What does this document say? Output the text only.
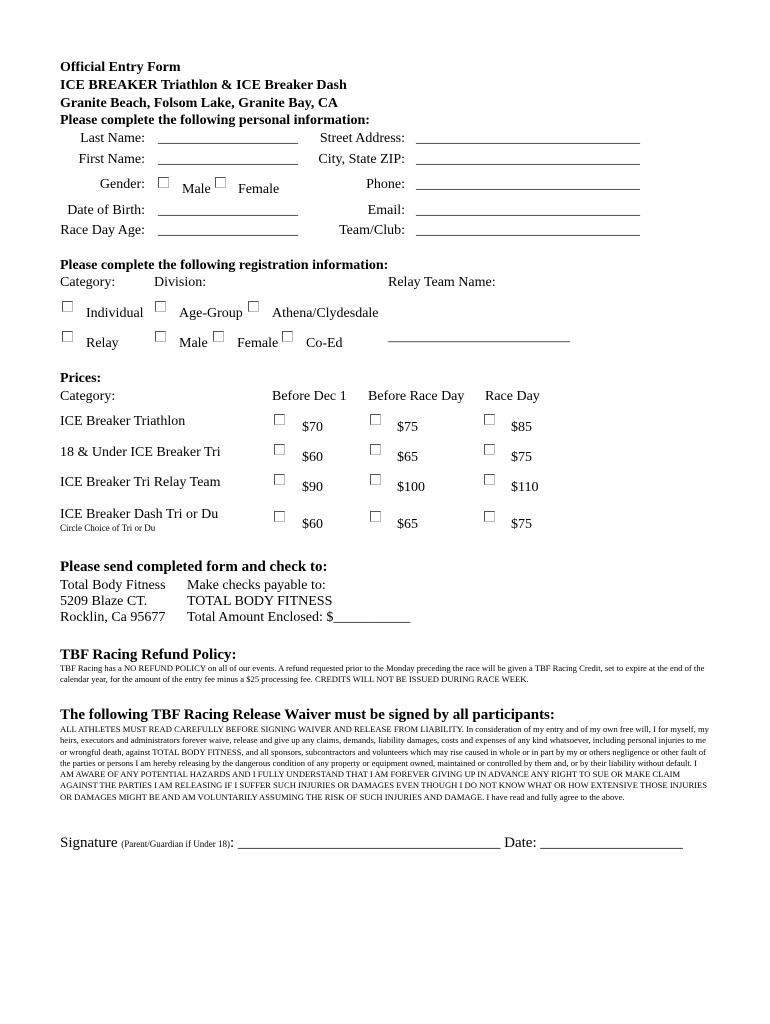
Official Entry Form
ICE BREAKER Triathlon & ICE Breaker Dash
Granite Beach, Folsom Lake, Granite Bay, CA
Please complete the following personal information:
Last Name: ____________________
First Name: ____________________
Gender:	Male Female
Date of Birth: ____________________
Race Day Age: ____________________
Street Address: ________________________________
City, State ZIP: ________________________________
Phone: ________________________________
Email: ________________________________
Team/Club: ________________________________
Please complete the following registration information:
Category:	Division:	Relay Team Name:
Individual	Age-Group Athena/Clydesdale
Relay	Male Female Co-Ed	—————————————
Prices:
Category:	Before Dec 1 Before Race Day Race Day
ICE Breaker Triathlon	$70	$75	$85
18 & Under ICE Breaker Tri	$60	$65	$75
ICE Breaker Tri Relay Team	$90	$100	$110
ICE Breaker Dash Tri or Du
Circle Choice of Tri or Du	$60	$65	$75
Please send completed form and check to:
Total Body Fitness
5209 Blaze CT.
Rocklin, Ca 95677
Make checks payable to:
TOTAL BODY FITNESS
Total Amount Enclosed: $___________
TBF Racing Refund Policy:
TBF Racing has a NO REFUND POLICY on all of our events. A refund requested prior to the Monday preceding the race will be given a TBF Racing Credit, set to expire at the end of the calendar year, for the amount of the entry fee minus a $25 processing fee. CREDITS WILL NOT BE ISSUED DURING RACE WEEK.
The following TBF Racing Release Waiver must be signed by all participants:
ALL ATHLETES MUST READ CAREFULLY BEFORE SIGNING WAIVER AND RELEASE FROM LIABILITY. In consideration of my entry and of my own free will, I for myself, my heirs, executors and administrators forever waive, release and give up any claims, demands, liability damages, costs and expenses of any kind whatsoever, including personal injuries to me or wrongful death, against TOTAL BODY FITNESS, and all sponsors, subcontractors and volunteers which may rise caused in whole or in part by my or others negligence or other fault of the parties or persons I am hereby releasing by the dangerous condition of any property or equipment owned, maintained or controlled by them and, or by their liability without default. I AM AWARE OF ANY POTENTIAL HAZARDS AND I FULLY UNDERSTAND THAT I AM FOREVER GIVING UP IN ADVANCE ANY RIGHT TO SUE OR MAKE CLAIM AGAINST THE PARTIES I AM RELEASING IF I SUFFER SUCH INJURIES OR DAMAGES EVEN THOUGH I DO NOT KNOW WHAT OR HOW EXTENSIVE THOSE INJURIES OR DAMAGES MIGHT BE AND AM VOLUNTARILY ASSUMING THE RISK OF SUCH INJURIES AND DAMAGE. I have read and fully agree to the above.
Signature (Parent/Guardian if Under 18): ___________________________________ Date: ___________________
